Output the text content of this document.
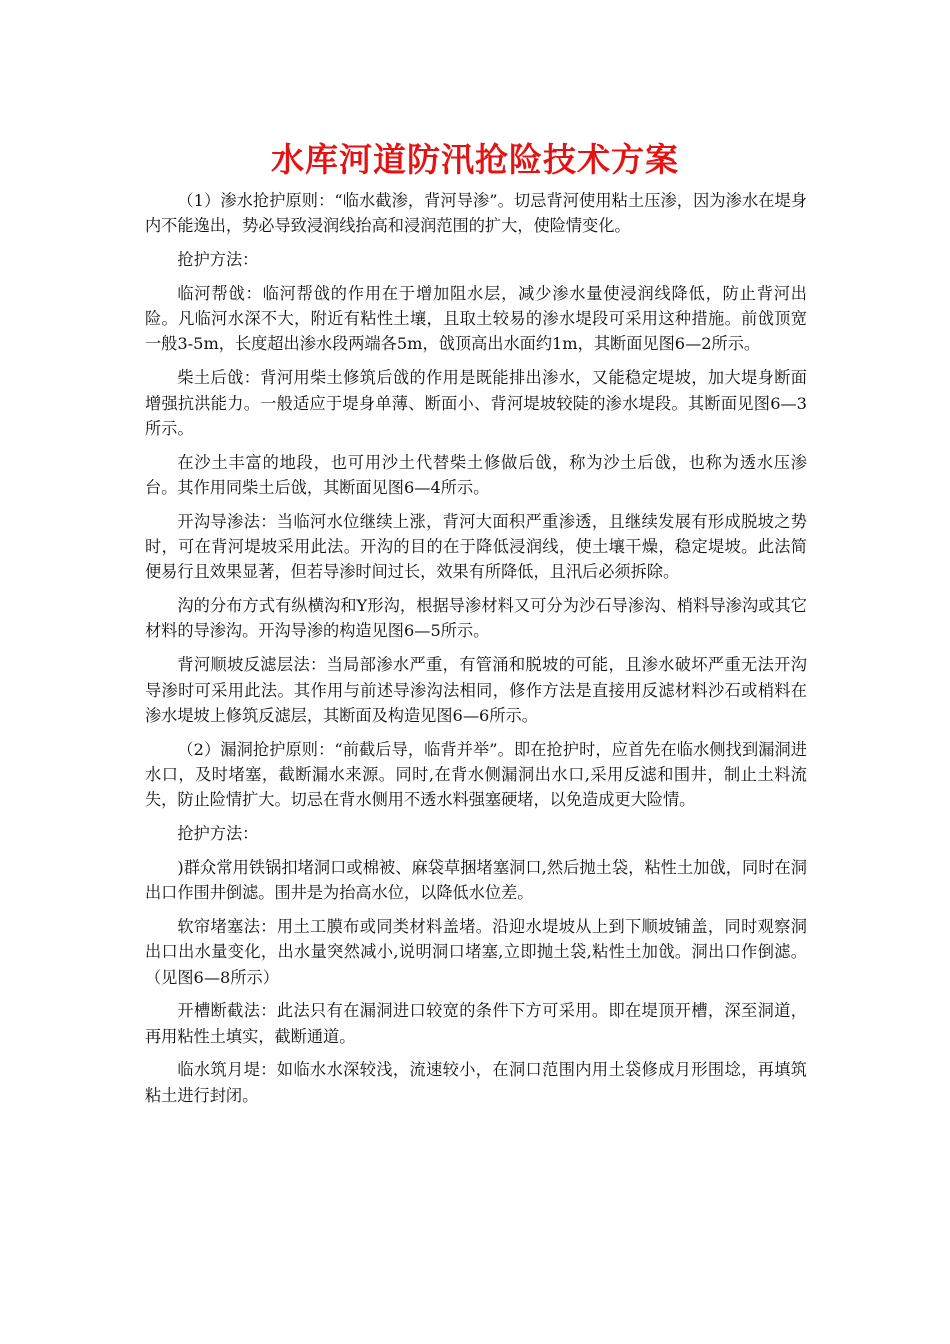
水库河道防汛抢险技术方案

（1）渗水抢护原则：“临水截渗，背河导渗”。切忌背河使用粘土压渗，因为渗水在堤身内不能逸出，势必导致浸润线抬高和浸润范围的扩大，使险情变化。

抢护方法：

临河帮戗：临河帮戗的作用在于增加阻水层，减少渗水量使浸润线降低，防止背河出险。凡临河水深不大，附近有粘性土壤，且取土较易的渗水堤段可采用这种措施。前戗顶宽一般3-5m，长度超出渗水段两端各5m，戗顶高出水面约1m，其断面见图6—2所示。

柴土后戗：背河用柴土修筑后戗的作用是既能排出渗水，又能稳定堤坡，加大堤身断面增强抗洪能力。一般适应于堤身单薄、断面小、背河堤坡较陡的渗水堤段。其断面见图6—3所示。

在沙土丰富的地段，也可用沙土代替柴土修做后戗，称为沙土后戗，也称为透水压渗台。其作用同柴土后戗，其断面见图6—4所示。

开沟导渗法：当临河水位继续上涨，背河大面积严重渗透，且继续发展有形成脱坡之势时，可在背河堤坡采用此法。开沟的目的在于降低浸润线，使土壤干燥，稳定堤坡。此法简便易行且效果显著，但若导渗时间过长，效果有所降低，且汛后必须拆除。

沟的分布方式有纵横沟和Y形沟，根据导渗材料又可分为沙石导渗沟、梢料导渗沟或其它材料的导渗沟。开沟导渗的构造见图6—5所示。

背河顺坡反滤层法：当局部渗水严重，有管涌和脱坡的可能，且渗水破坏严重无法开沟导渗时可采用此法。其作用与前述导渗沟法相同，修作方法是直接用反滤材料沙石或梢料在渗水堤坡上修筑反滤层，其断面及构造见图6—6所示。

（2）漏洞抢护原则：“前截后导，临背并举”。即在抢护时，应首先在临水侧找到漏洞进水口，及时堵塞，截断漏水来源。同时,在背水侧漏洞出水口,采用反滤和围井，制止土料流失，防止险情扩大。切忌在背水侧用不透水料强塞硬堵，以免造成更大险情。

抢护方法：

)群众常用铁锅扣堵洞口或棉被、麻袋草捆堵塞洞口,然后抛土袋，粘性土加戗，同时在洞出口作围井倒滤。围井是为抬高水位，以降低水位差。

软帘堵塞法：用土工膜布或同类材料盖堵。沿迎水堤坡从上到下顺坡铺盖，同时观察洞出口出水量变化，出水量突然减小,说明洞口堵塞,立即抛土袋,粘性土加戗。洞出口作倒滤。（见图6—8所示）

开槽断截法：此法只有在漏洞进口较宽的条件下方可采用。即在堤顶开槽，深至洞道，再用粘性土填实，截断通道。

临水筑月堤：如临水水深较浅，流速较小，在洞口范围内用土袋修成月形围埝，再填筑粘土进行封闭。
